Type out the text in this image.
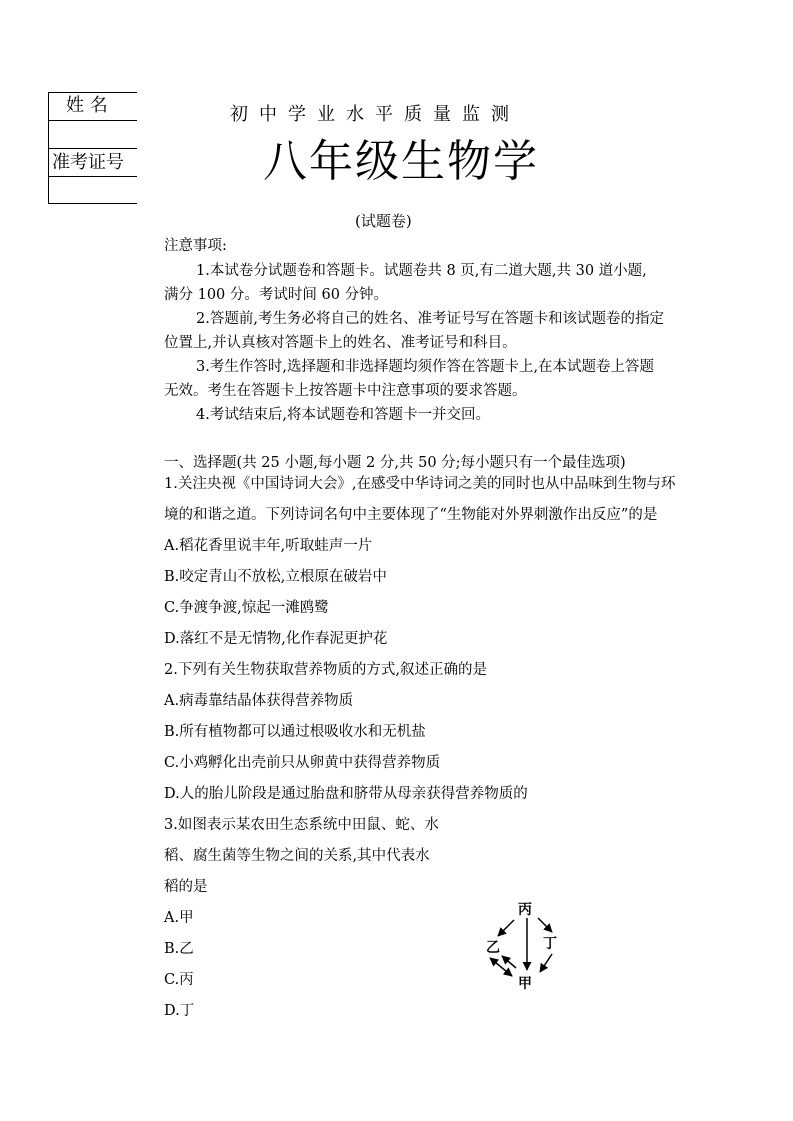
姓 名
准考证号
初中学业水平质量监测
八年级生物学
(试题卷)
注意事项:
1.本试卷分试题卷和答题卡。试题卷共 8 页,有二道大题,共 30 道小题,
满分 100 分。考试时间 60 分钟。
2.答题前,考生务必将自己的姓名、准考证号写在答题卡和该试题卷的指定
位置上,并认真核对答题卡上的姓名、准考证号和科目。
3.考生作答时,选择题和非选择题均须作答在答题卡上,在本试题卷上答题
无效。考生在答题卡上按答题卡中注意事项的要求答题。
4.考试结束后,将本试题卷和答题卡一并交回。
一、选择题(共 25 小题,每小题 2 分,共 50 分;每小题只有一个最佳选项)
1.关注央视《中国诗词大会》,在感受中华诗词之美的同时也从中品味到生物与环
境的和谐之道。下列诗词名句中主要体现了“生物能对外界刺激作出反应”的是
A.稻花香里说丰年,听取蛙声一片
B.咬定青山不放松,立根原在破岩中
C.争渡争渡,惊起一滩鸥鹭
D.落红不是无情物,化作春泥更护花
2.下列有关生物获取营养物质的方式,叙述正确的是
A.病毒靠结晶体获得营养物质
B.所有植物都可以通过根吸收水和无机盐
C.小鸡孵化出壳前只从卵黄中获得营养物质
D.人的胎儿阶段是通过胎盘和脐带从母亲获得营养物质的
3.如图表示某农田生态系统中田鼠、蛇、水
稻、腐生菌等生物之间的关系,其中代表水
稻的是
A.甲
B.乙
C.丙
D.丁
丙
乙	丁
甲
